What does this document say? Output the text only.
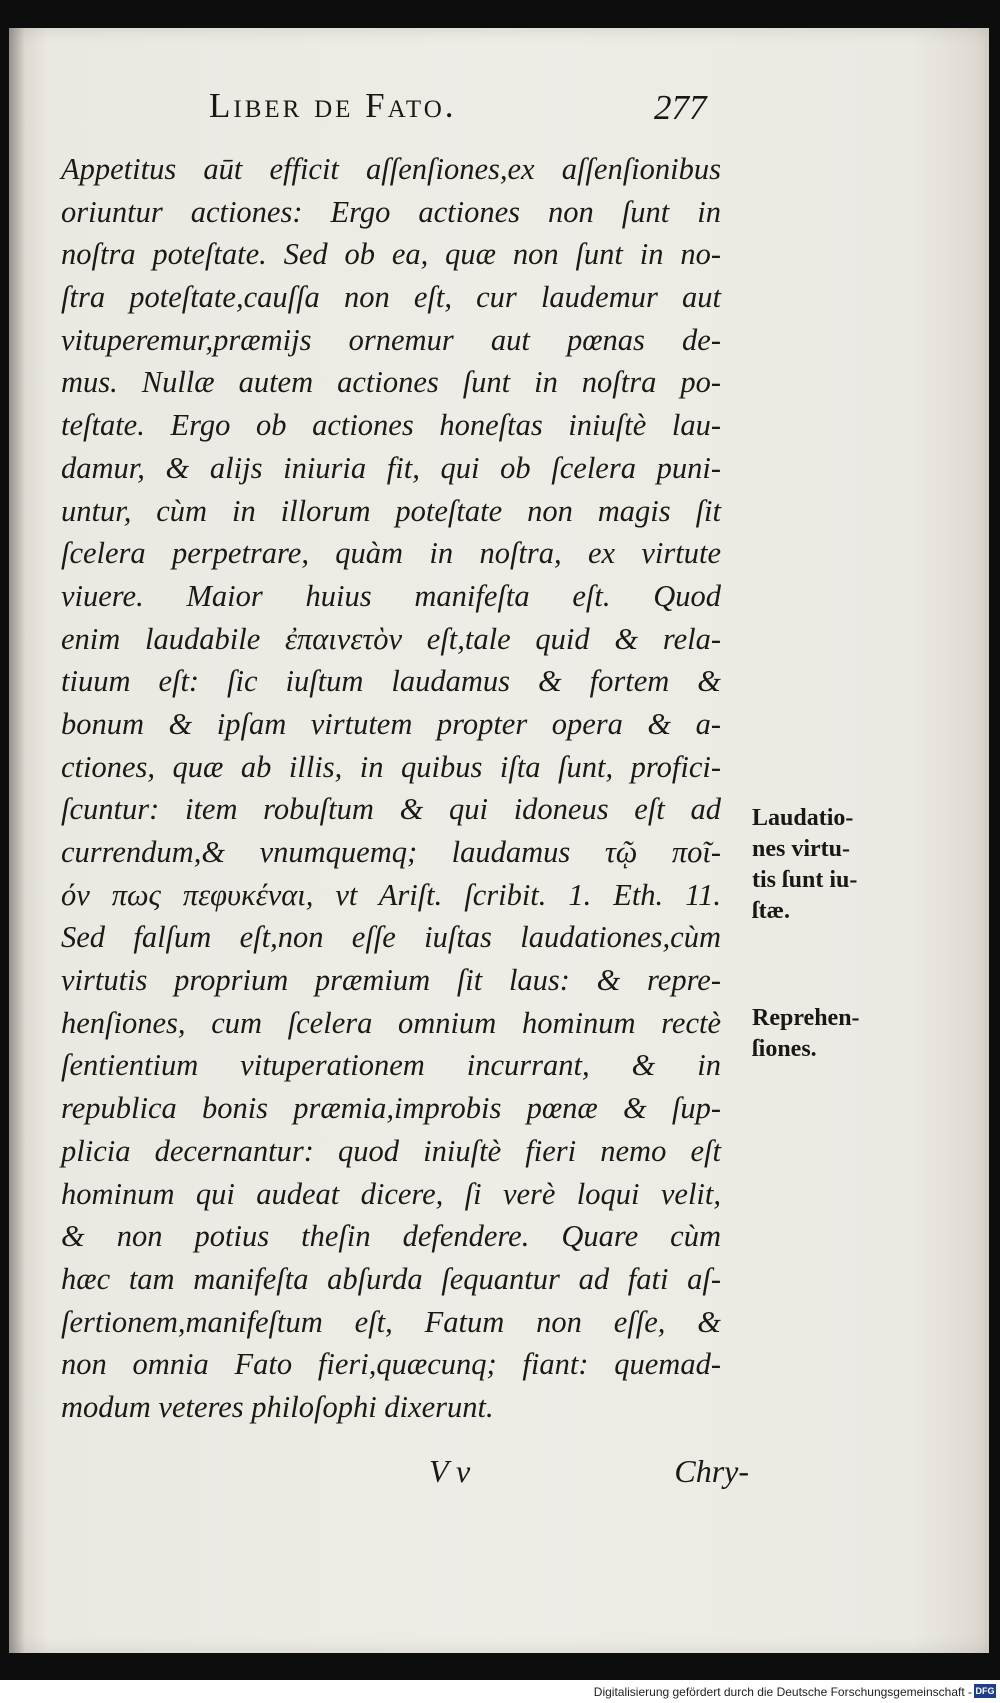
Liber de Fato.	277
Appetitus aūt efficit aſſenſiones,ex aſſenſionibus
oriuntur actiones: Ergo actiones non ſunt in
noſtra poteſtate. Sed ob ea, quæ non ſunt in no-
ſtra poteſtate,cauſſa non eſt, cur laudemur aut
vituperemur,præmijs ornemur aut pœnas de-
mus. Nullæ autem actiones ſunt in noſtra po-
teſtate. Ergo ob actiones honeſtas iniuſtè lau-
damur, & alijs iniuria fit, qui ob ſcelera puni-
untur, cùm in illorum poteſtate non magis ſit
ſcelera perpetrare, quàm in noſtra, ex virtute
viuere. Maior huius manifeſta eſt. Quod
enim laudabile ἐπαινετὸν eſt,tale quid & rela-
tiuum eſt: ſic iuſtum laudamus & fortem &
bonum & ipſam virtutem propter opera & a-
ctiones, quæ ab illis, in quibus iſta ſunt, profici-
ſcuntur: item robuſtum & qui idoneus eſt ad
currendum,& vnumquemq; laudamus τῷ ποῖ-
όν πως πεφυκέναι, vt Ariſt. ſcribit. 1. Eth. 11.
Sed falſum eſt,non eſſe iuſtas laudationes,cùm
virtutis proprium præmium ſit laus: & repre-
henſiones, cum ſcelera omnium hominum rectè
ſentientium vituperationem incurrant, & in
republica bonis præmia,improbis pœnæ & ſup-
plicia decernantur: quod iniuſtè fieri nemo eſt
hominum qui audeat dicere, ſi verè loqui velit,
& non potius theſin defendere. Quare cùm
hæc tam manifeſta abſurda ſequantur ad fati aſ-
ſertionem,manifeſtum eſt, Fatum non eſſe, &
non omnia Fato fieri,quæcunq; fiant: quemad-
modum veteres philoſophi dixerunt.
V v	Chry-
Laudatio-
nes virtu-
tis ſunt iu-
ſtæ.
Reprehen-
ſiones.
Digitalisierung gefördert durch die Deutsche Forschungsgemeinschaft - DFG
